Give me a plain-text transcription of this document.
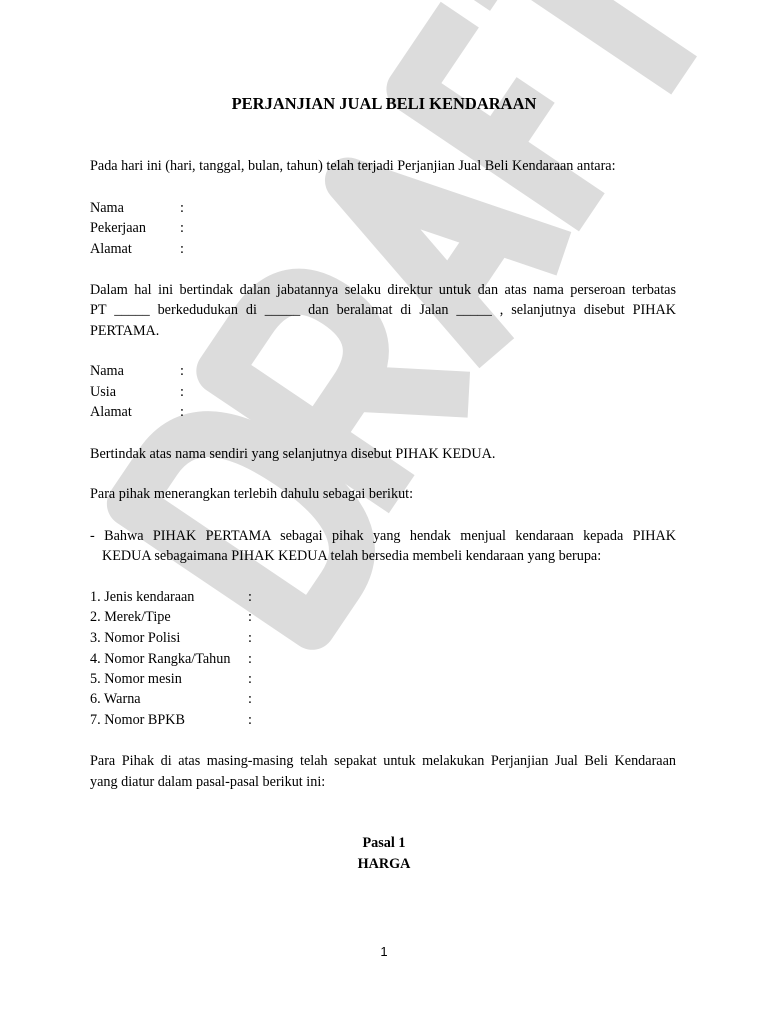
PERJANJIAN JUAL BELI KENDARAAN
Pada hari ini (hari, tanggal, bulan, tahun) telah terjadi Perjanjian Jual Beli Kendaraan antara:
Nama	:
Pekerjaan :
Alamat	:
Dalam hal ini bertindak dalan jabatannya selaku direktur untuk dan atas nama perseroan terbatas
PT _____ berkedudukan di _____ dan beralamat di Jalan _____ , selanjutnya disebut PIHAK
PERTAMA.
Nama	:
Usia	:
Alamat	:
Bertindak atas nama sendiri yang selanjutnya disebut PIHAK KEDUA.
Para pihak menerangkan terlebih dahulu sebagai berikut:
- Bahwa PIHAK PERTAMA sebagai pihak yang hendak menjual kendaraan kepada PIHAK
KEDUA sebagaimana PIHAK KEDUA telah bersedia membeli kendaraan yang berupa:
1. Jenis kendaraan	:
2. Merek/Tipe	:
3. Nomor Polisi	:
4. Nomor Rangka/Tahun :
5. Nomor mesin	:
6. Warna	:
7. Nomor BPKB	:
Para Pihak di atas masing-masing telah sepakat untuk melakukan Perjanjian Jual Beli Kendaraan
yang diatur dalam pasal-pasal berikut ini:
Pasal 1
HARGA
1
